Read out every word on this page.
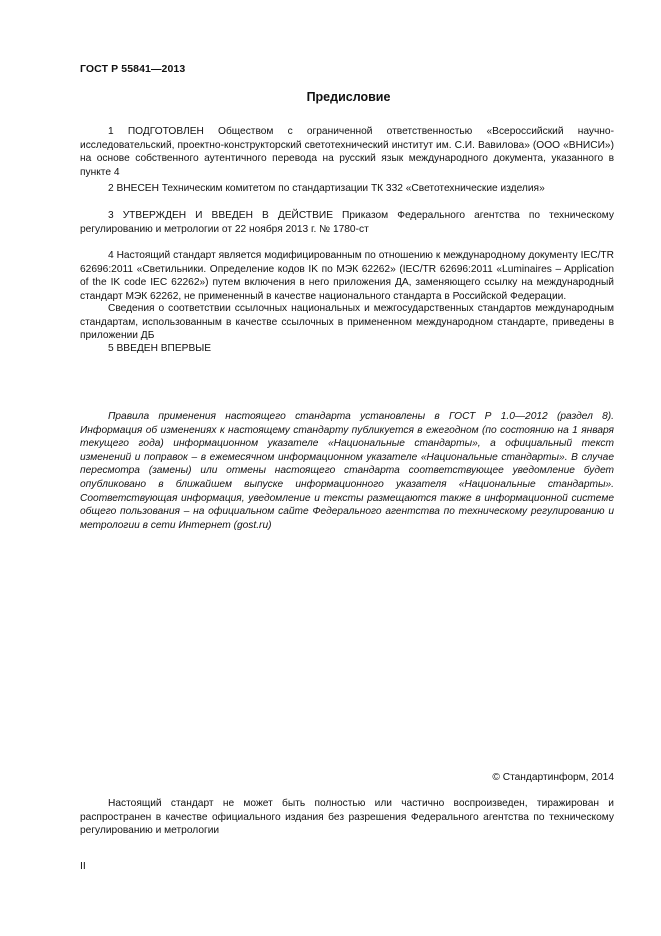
ГОСТ Р 55841—2013
Предисловие

1 ПОДГОТОВЛЕН Обществом с ограниченной ответственностью «Всероссийский научно-исследовательский, проектно-конструкторский светотехнический институт им. С.И. Вавилова» (ООО «ВНИСИ») на основе собственного аутентичного перевода на русский язык международного документа, указанного в пункте 4

2 ВНЕСЕН Техническим комитетом по стандартизации ТК 332 «Светотехнические изделия»

3 УТВЕРЖДЕН И ВВЕДЕН В ДЕЙСТВИЕ Приказом Федерального агентства по техническому регулированию и метрологии от 22 ноября 2013 г. № 1780-ст

4 Настоящий стандарт является модифицированным по отношению к международному документу IEC/TR 62696:2011 «Светильники. Определение кодов IK по МЭК 62262» (IEC/TR 62696:2011 «Luminaires – Application of the IK code IEC 62262») путем включения в него приложения ДА, заменяющего ссылку на международный стандарт МЭК 62262, не примененный в качестве национального стандарта в Российской Федерации.

Сведения о соответствии ссылочных национальных и межгосударственных стандартов международным стандартам, использованным в качестве ссылочных в примененном международном стандарте, приведены в приложении ДБ

5 ВВЕДЕН ВПЕРВЫЕ

Правила применения настоящего стандарта установлены в ГОСТ Р 1.0—2012 (раздел 8). Информация об изменениях к настоящему стандарту публикуется в ежегодном (по состоянию на 1 января текущего года) информационном указателе «Национальные стандарты», а официальный текст изменений и поправок – в ежемесячном информационном указателе «Национальные стандарты». В случае пересмотра (замены) или отмены настоящего стандарта соответствующее уведомление будет опубликовано в ближайшем выпуске информационного указателя «Национальные стандарты». Соответствующая информация, уведомление и тексты размещаются также в информационной системе общего пользования – на официальном сайте Федерального агентства по техническому регулированию и метрологии в сети Интернет (gost.ru)

© Стандартинформ, 2014

Настоящий стандарт не может быть полностью или частично воспроизведен, тиражирован и распространен в качестве официального издания без разрешения Федерального агентства по техническому регулированию и метрологии

II
